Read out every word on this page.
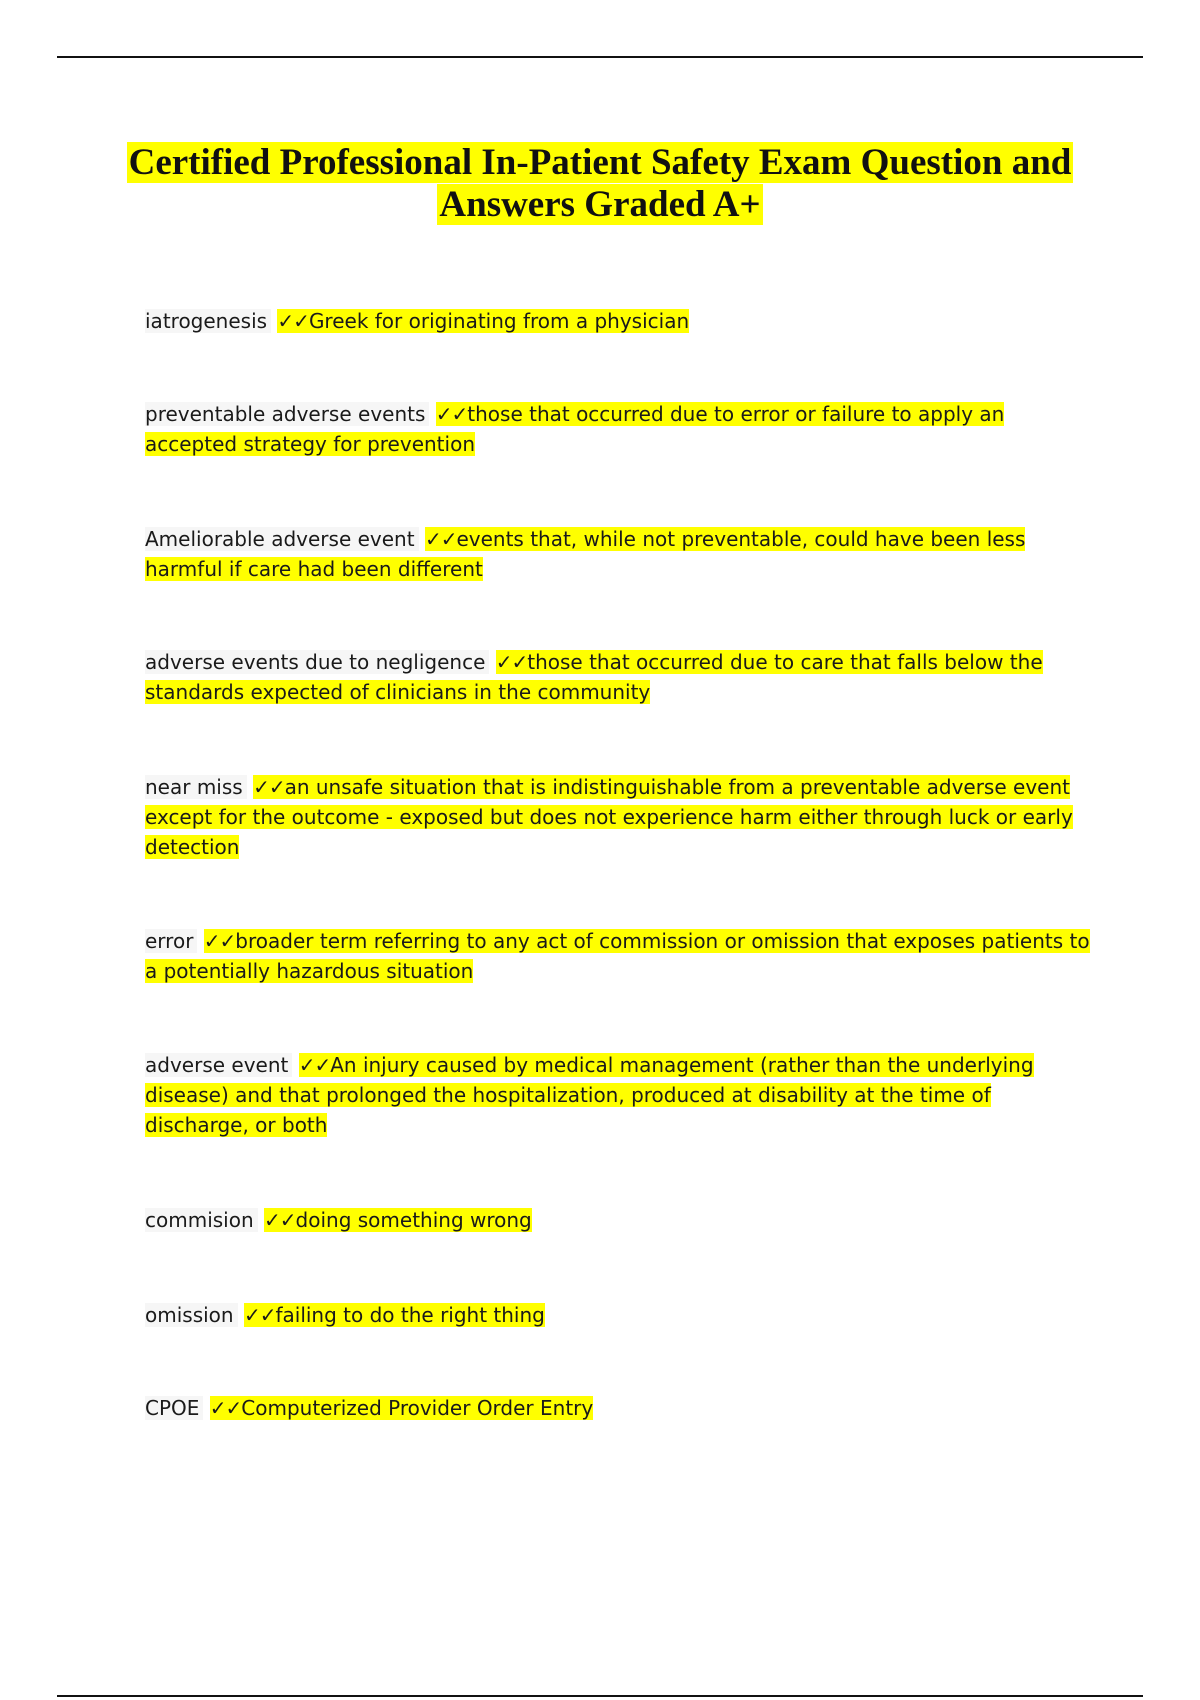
Certified Professional In-Patient Safety Exam Question and Answers Graded A+
iatrogenesis ✓✓Greek for originating from a physician
preventable adverse events ✓✓those that occurred due to error or failure to apply an accepted strategy for prevention
Ameliorable adverse event ✓✓events that, while not preventable, could have been less harmful if care had been different
adverse events due to negligence ✓✓those that occurred due to care that falls below the standards expected of clinicians in the community
near miss ✓✓an unsafe situation that is indistinguishable from a preventable adverse event except for the outcome - exposed but does not experience harm either through luck or early detection
error ✓✓broader term referring to any act of commission or omission that exposes patients to a potentially hazardous situation
adverse event ✓✓An injury caused by medical management (rather than the underlying disease) and that prolonged the hospitalization, produced at disability at the time of discharge, or both
commision ✓✓doing something wrong
omission ✓✓failing to do the right thing
CPOE ✓✓Computerized Provider Order Entry
